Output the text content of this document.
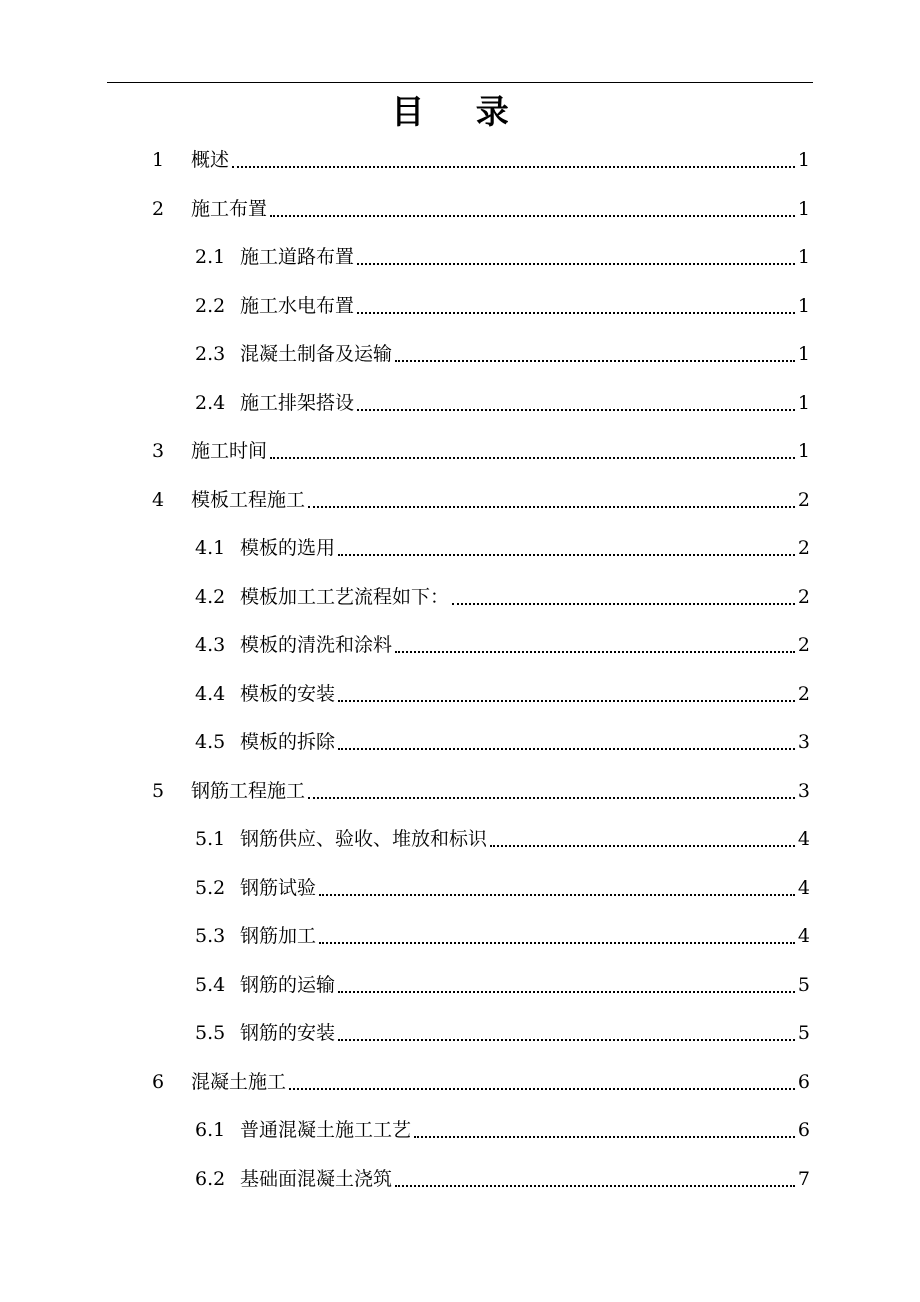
目 录
1	概述	1
2	施工布置	1
2.1 施工道路布置	1
2.2 施工水电布置	1
2.3 混凝土制备及运输	1
2.4 施工排架搭设	1
3	施工时间	1
4	模板工程施工	2
4.1 模板的选用	2
4.2 模板加工工艺流程如下：	2
4.3 模板的清洗和涂料	2
4.4 模板的安装	2
4.5 模板的拆除	3
5	钢筋工程施工	3
5.1 钢筋供应、验收、堆放和标识	4
5.2 钢筋试验	4
5.3 钢筋加工	4
5.4 钢筋的运输	5
5.5 钢筋的安装	5
6	混凝土施工	6
6.1 普通混凝土施工工艺	6
6.2 基础面混凝土浇筑	7
